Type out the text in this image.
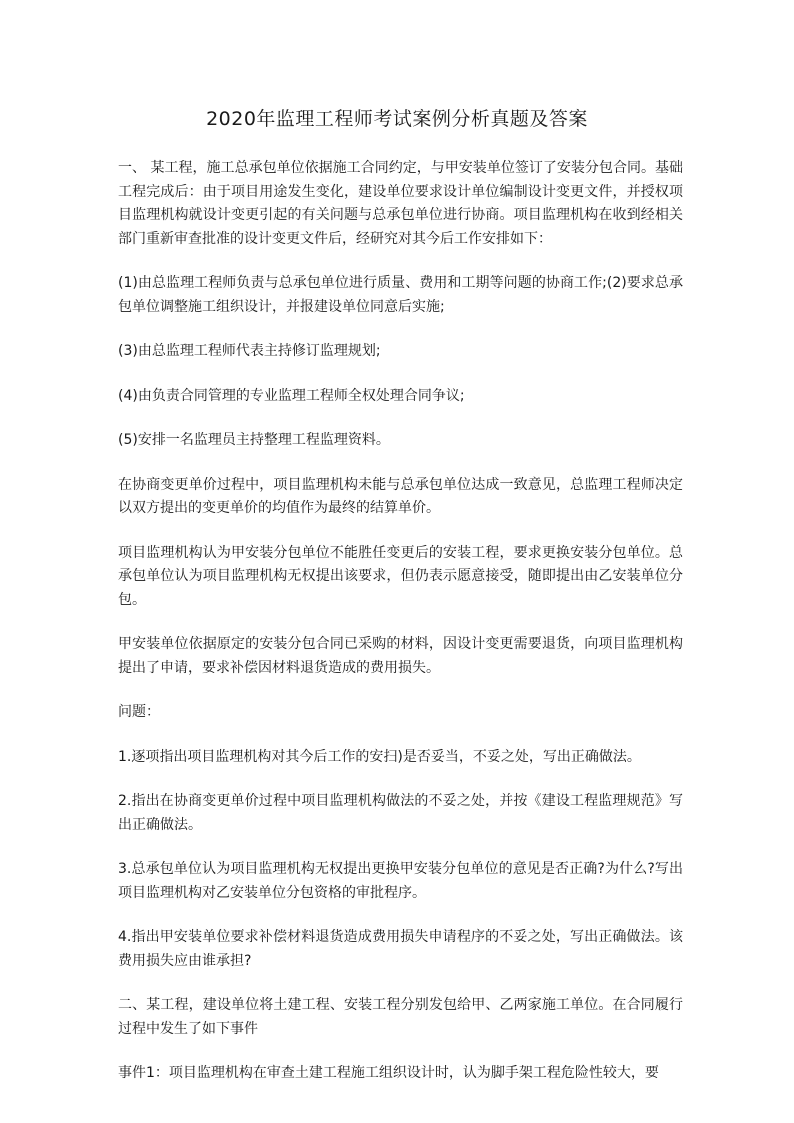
2020年监理工程师考试案例分析真题及答案

一、 某工程，施工总承包单位依据施工合同约定，与甲安装单位签订了安装分包合同。基础工程完成后：由于项目用途发生变化，建设单位要求设计单位编制设计变更文件，并授权项目监理机构就设计变更引起的有关问题与总承包单位进行协商。项目监理机构在收到经相关部门重新审查批准的设计变更文件后，经研究对其今后工作安排如下：

(1)由总监理工程师负责与总承包单位进行质量、费用和工期等问题的协商工作;(2)要求总承包单位调整施工组织设计，并报建设单位同意后实施;

(3)由总监理工程师代表主持修订监理规划;

(4)由负责合同管理的专业监理工程师全权处理合同争议;

(5)安排一名监理员主持整理工程监理资料。

在协商变更单价过程中，项目监理机构未能与总承包单位达成一致意见，总监理工程师决定以双方提出的变更单价的均值作为最终的结算单价。

项目监理机构认为甲安装分包单位不能胜任变更后的安装工程，要求更换安装分包单位。总承包单位认为项目监理机构无权提出该要求，但仍表示愿意接受，随即提出由乙安装单位分包。

甲安装单位依据原定的安装分包合同已采购的材料，因设计变更需要退货，向项目监理机构提出了申请，要求补偿因材料退货造成的费用损失。

问题：

1.逐项指出项目监理机构对其今后工作的安扫)是否妥当，不妥之处，写出正确做法。

2.指出在协商变更单价过程中项目监理机构做法的不妥之处，并按《建设工程监理规范》写出正确做法。

3.总承包单位认为项目监理机构无权提出更换甲安装分包单位的意见是否正确?为什么?写出项目监理机构对乙安装单位分包资格的审批程序。

4.指出甲安装单位要求补偿材料退货造成费用损失申请程序的不妥之处，写出正确做法。该费用损失应由谁承担?

二、某工程，建设单位将土建工程、安装工程分别发包给甲、乙两家施工单位。在合同履行过程中发生了如下事件

事件1：项目监理机构在审查土建工程施工组织设计时，认为脚手架工程危险性较大，要
